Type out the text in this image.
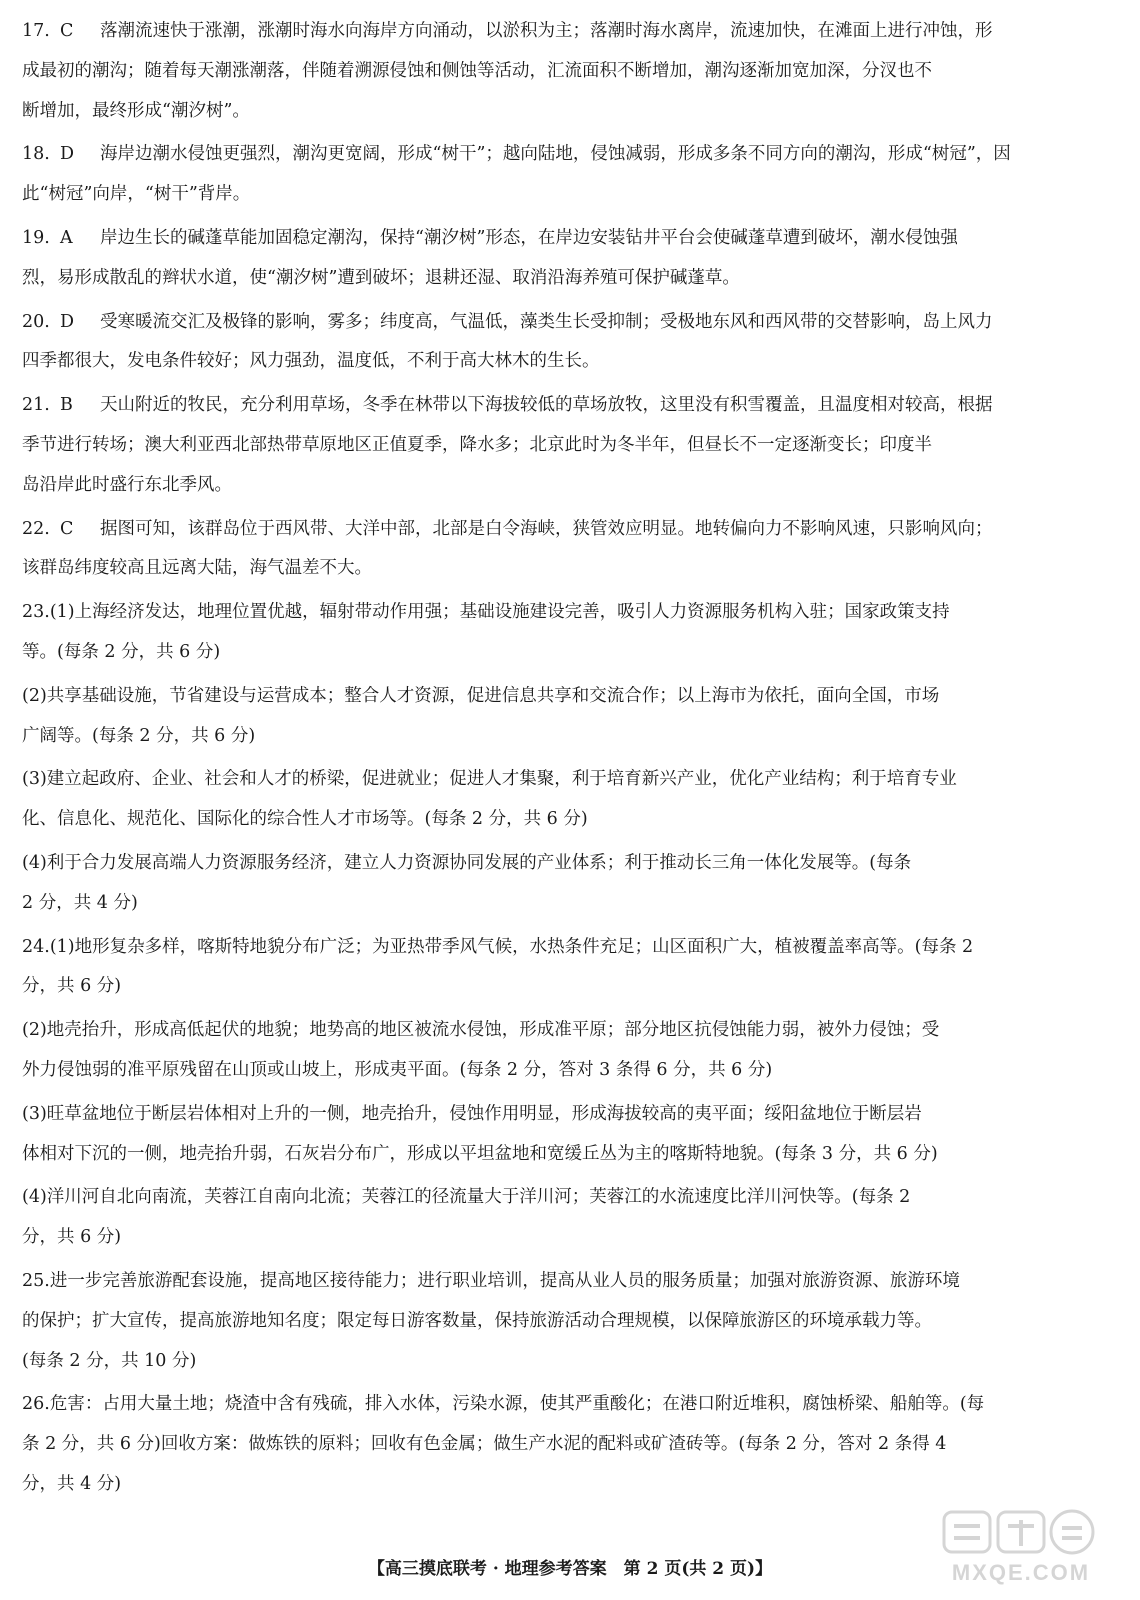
17. C 落潮流速快于涨潮，涨潮时海水向海岸方向涌动，以淤积为主；落潮时海水离岸，流速加快，在滩面上进行冲蚀，形
成最初的潮沟；随着每天潮涨潮落，伴随着溯源侵蚀和侧蚀等活动，汇流面积不断增加，潮沟逐渐加宽加深，分汊也不
断增加，最终形成“潮汐树”。
18. D 海岸边潮水侵蚀更强烈，潮沟更宽阔，形成“树干”；越向陆地，侵蚀减弱，形成多条不同方向的潮沟，形成“树冠”，因
此“树冠”向岸，“树干”背岸。
19. A 岸边生长的碱蓬草能加固稳定潮沟，保持“潮汐树”形态，在岸边安装钻井平台会使碱蓬草遭到破坏，潮水侵蚀强
烈，易形成散乱的辫状水道，使“潮汐树”遭到破坏；退耕还湿、取消沿海养殖可保护碱蓬草。
20. D 受寒暖流交汇及极锋的影响，雾多；纬度高，气温低，藻类生长受抑制；受极地东风和西风带的交替影响，岛上风力
四季都很大，发电条件较好；风力强劲，温度低，不利于高大林木的生长。
21. B 天山附近的牧民，充分利用草场，冬季在林带以下海拔较低的草场放牧，这里没有积雪覆盖，且温度相对较高，根据
季节进行转场；澳大利亚西北部热带草原地区正值夏季，降水多；北京此时为冬半年，但昼长不一定逐渐变长；印度半
岛沿岸此时盛行东北季风。
22. C 据图可知，该群岛位于西风带、大洋中部，北部是白令海峡，狭管效应明显。地转偏向力不影响风速，只影响风向；
该群岛纬度较高且远离大陆，海气温差不大。
23.(1)上海经济发达，地理位置优越，辐射带动作用强；基础设施建设完善，吸引人力资源服务机构入驻；国家政策支持
等。(每条 2 分，共 6 分)
(2)共享基础设施，节省建设与运营成本；整合人才资源，促进信息共享和交流合作；以上海市为依托，面向全国，市场
广阔等。(每条 2 分，共 6 分)
(3)建立起政府、企业、社会和人才的桥梁，促进就业；促进人才集聚，利于培育新兴产业，优化产业结构；利于培育专业
化、信息化、规范化、国际化的综合性人才市场等。(每条 2 分，共 6 分)
(4)利于合力发展高端人力资源服务经济，建立人力资源协同发展的产业体系；利于推动长三角一体化发展等。(每条
2 分，共 4 分)
24.(1)地形复杂多样，喀斯特地貌分布广泛；为亚热带季风气候，水热条件充足；山区面积广大，植被覆盖率高等。(每条 2
分，共 6 分)
(2)地壳抬升，形成高低起伏的地貌；地势高的地区被流水侵蚀，形成准平原；部分地区抗侵蚀能力弱，被外力侵蚀；受
外力侵蚀弱的准平原残留在山顶或山坡上，形成夷平面。(每条 2 分，答对 3 条得 6 分，共 6 分)
(3)旺草盆地位于断层岩体相对上升的一侧，地壳抬升，侵蚀作用明显，形成海拔较高的夷平面；绥阳盆地位于断层岩
体相对下沉的一侧，地壳抬升弱，石灰岩分布广，形成以平坦盆地和宽缓丘丛为主的喀斯特地貌。(每条 3 分，共 6 分)
(4)洋川河自北向南流，芙蓉江自南向北流；芙蓉江的径流量大于洋川河；芙蓉江的水流速度比洋川河快等。(每条 2
分，共 6 分)
25.进一步完善旅游配套设施，提高地区接待能力；进行职业培训，提高从业人员的服务质量；加强对旅游资源、旅游环境
的保护；扩大宣传，提高旅游地知名度；限定每日游客数量，保持旅游活动合理规模，以保障旅游区的环境承载力等。
(每条 2 分，共 10 分)
26.危害：占用大量土地；烧渣中含有残硫，排入水体，污染水源，使其严重酸化；在港口附近堆积，腐蚀桥梁、船舶等。(每
条 2 分，共 6 分)回收方案：做炼铁的原料；回收有色金属；做生产水泥的配料或矿渣砖等。(每条 2 分，答对 2 条得 4
分，共 4 分)
【高三摸底联考 · 地理参考答案　第 2 页(共 2 页)】	MXQE.COM
